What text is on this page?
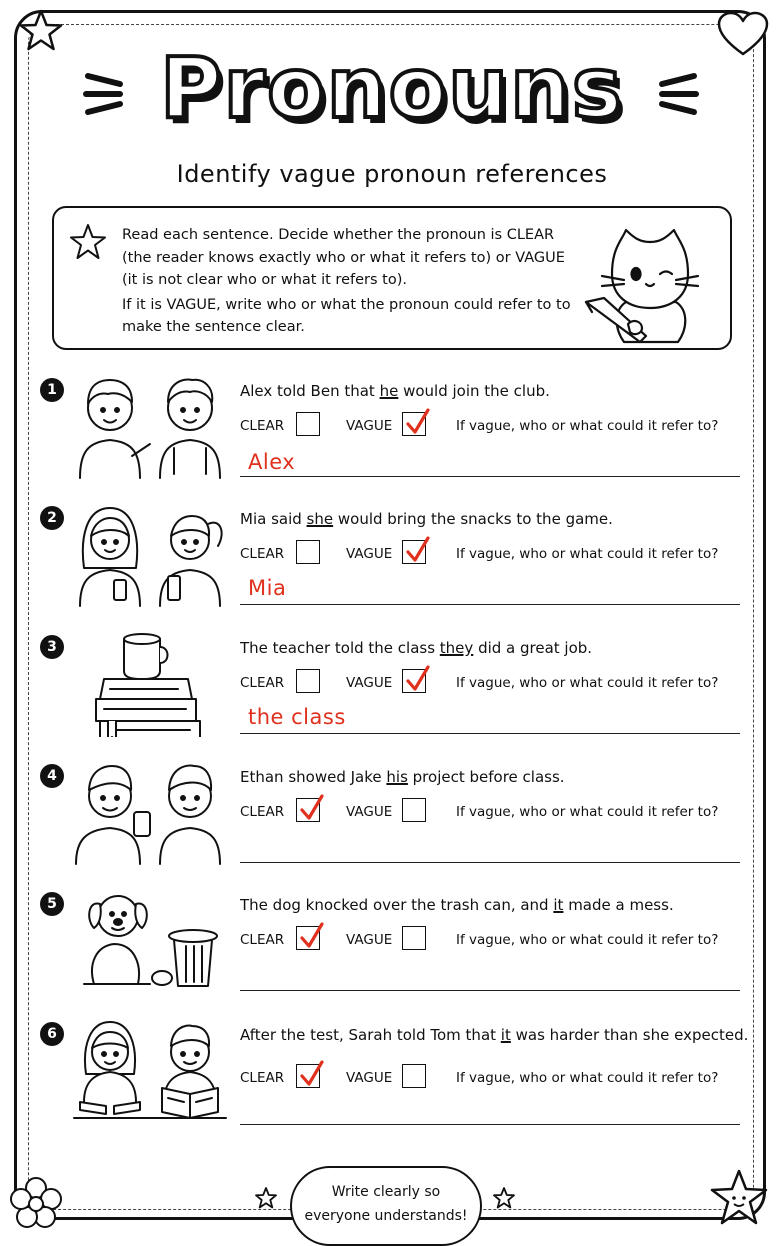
Pronouns
Identify vague pronoun references

Read each sentence. Decide whether the pronoun is CLEAR (the reader knows exactly who or what it refers to) or VAGUE (it is not clear who or what it refers to).

If it is VAGUE, write who or what the pronoun could refer to to make the sentence clear.

1	Alex told Ben that he would join the club.
CLEAR	VAGUE	If vague, who or what could it refer to?
Alex
2	Mia said she would bring the snacks to the game.
CLEAR	VAGUE	If vague, who or what could it refer to?
Mia
3	The teacher told the class they did a great job.
CLEAR	VAGUE	If vague, who or what could it refer to?
the class
4	Ethan showed Jake his project before class.
CLEAR	VAGUE	If vague, who or what could it refer to?
5	The dog knocked over the trash can, and it made a mess.
CLEAR	VAGUE	If vague, who or what could it refer to?
6	After the test, Sarah told Tom that it was harder than she expected.
CLEAR	VAGUE	If vague, who or what could it refer to?
Write clearly so
everyone understands!
